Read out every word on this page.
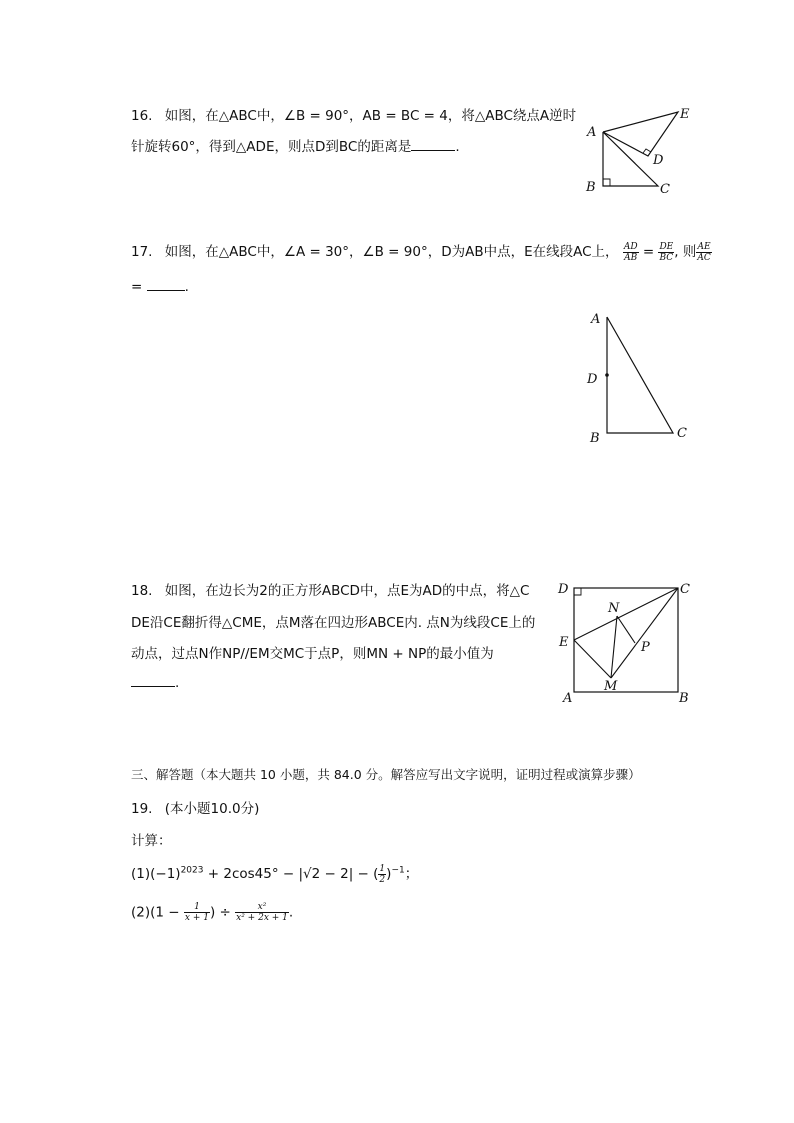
16. 如图，在△ABC中，∠B = 90°，AB = BC = 4，将△ABC绕点A逆时
针旋转60°，得到△ADE，则点D到BC的距离是	.
A
B	C
D
E
17. 如图，在△ABC中，∠A = 30°，∠B = 90°，D为AB中点，E在线段AC上， $\frac{AD}{AB} = \frac{DE}{BC}$ , 则 $\frac{AE}{AC}$
=	.
A
B	C
D
18. 如图，在边长为2的正方形ABCD中，点E为AD的中点，将△C
DE沿CE翻折得△CME，点M落在四边形ABCE内. 点N为线段CE上的
动点，过点N作NP//EM交MC于点P，则MN + NP的最小值为
.
D	C
B
A
E
M
N
P
三、解答题（本大题共 10 小题，共 84.0 分。解答应写出文字说明，证明过程或演算步骤）
19. (本小题10.0分)
计算：
$(1)(-1)^{2023} + 2\cos 45^\circ - |√2 - 2|$ − ( $\frac{1}{2} )^{-1}$；
$(2)(1 - \frac{1}{x + 1}$ ) ÷ $\frac{\text{x²}}{\text{x² + 2x + 1}}$ .
